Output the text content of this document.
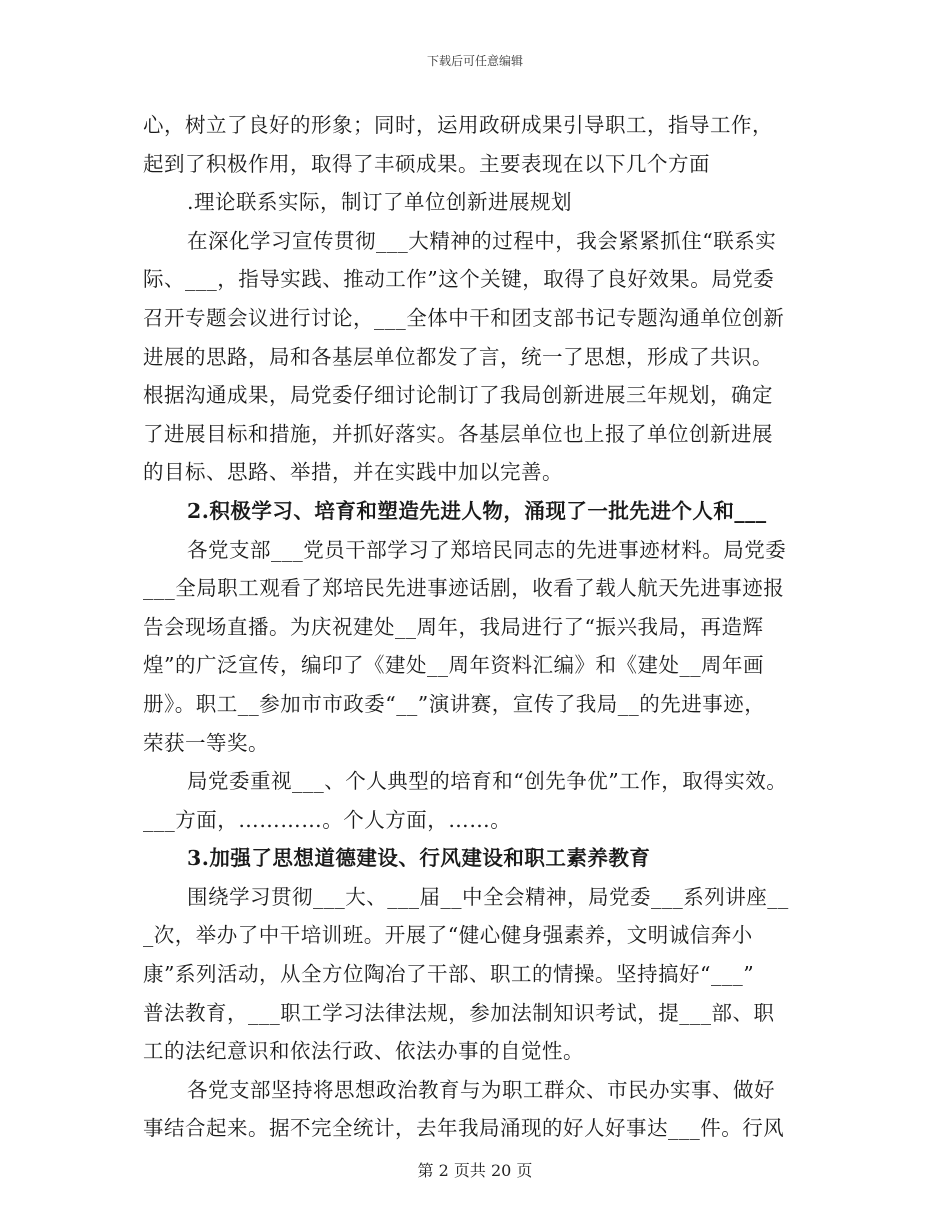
下载后可任意编辑
心，树立了良好的形象；同时，运用政研成果引导职工，指导工作，
起到了积极作用，取得了丰硕成果。主要表现在以下几个方面
.理论联系实际，制订了单位创新进展规划
在深化学习宣传贯彻___大精神的过程中，我会紧紧抓住“联系实
际、___，指导实践、推动工作”这个关键，取得了良好效果。局党委
召开专题会议进行讨论，___全体中干和团支部书记专题沟通单位创新
进展的思路，局和各基层单位都发了言，统一了思想，形成了共识。
根据沟通成果，局党委仔细讨论制订了我局创新进展三年规划，确定
了进展目标和措施，并抓好落实。各基层单位也上报了单位创新进展
的目标、思路、举措，并在实践中加以完善。
2.积极学习、培育和塑造先进人物，涌现了一批先进个人和___
各党支部___党员干部学习了郑培民同志的先进事迹材料。局党委
___全局职工观看了郑培民先进事迹话剧，收看了载人航天先进事迹报
告会现场直播。为庆祝建处__周年，我局进行了“振兴我局，再造辉
煌”的广泛宣传，编印了《建处__周年资料汇编》和《建处__周年画
册》。职工__参加市市政委“__”演讲赛，宣传了我局__的先进事迹，
荣获一等奖。
局党委重视___、个人典型的培育和“创先争优”工作，取得实效。
___方面，…………。个人方面，……。
3.加强了思想道德建设、行风建设和职工素养教育
围绕学习贯彻___大、___届__中全会精神，局党委___系列讲座__
_次，举办了中干培训班。开展了“健心健身强素养，文明诚信奔小
康”系列活动，从全方位陶冶了干部、职工的情操。坚持搞好“___”
普法教育，___职工学习法律法规，参加法制知识考试，提___部、职
工的法纪意识和依法行政、依法办事的自觉性。
各党支部坚持将思想政治教育与为职工群众、市民办实事、做好
事结合起来。据不完全统计，去年我局涌现的好人好事达___件。行风
第 2 页共 20 页
